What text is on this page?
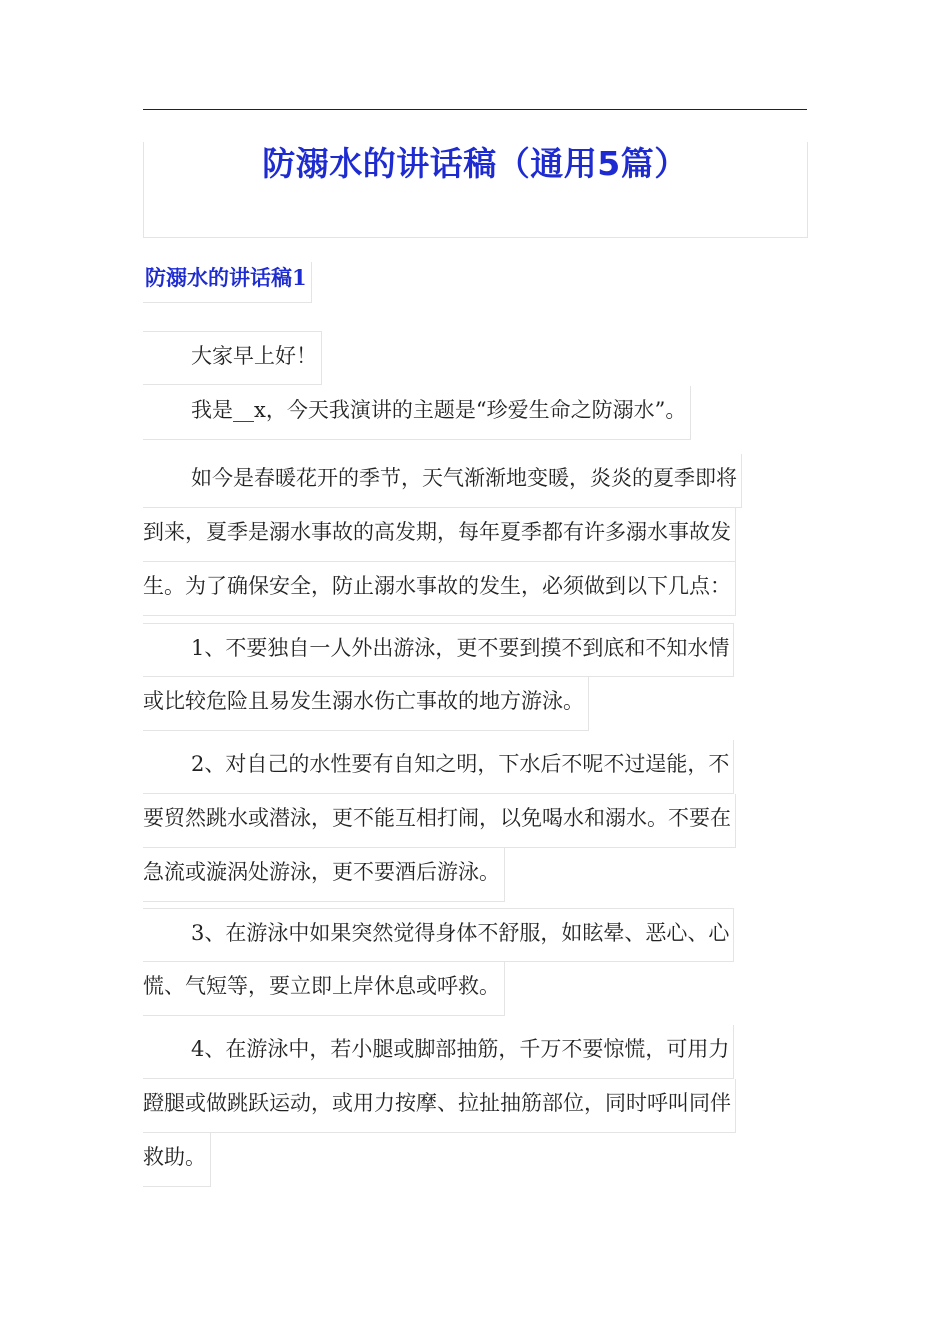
防溺水的讲话稿（通用5篇）
防溺水的讲话稿1
大家早上好！
我是__x，今天我演讲的主题是“珍爱生命之防溺水”。
如今是春暖花开的季节，天气渐渐地变暖，炎炎的夏季即将
到来，夏季是溺水事故的高发期，每年夏季都有许多溺水事故发
生。为了确保安全，防止溺水事故的发生，必须做到以下几点：
1、不要独自一人外出游泳，更不要到摸不到底和不知水情
或比较危险且易发生溺水伤亡事故的地方游泳。
2、对自己的水性要有自知之明，下水后不呢不过逞能，不
要贸然跳水或潜泳，更不能互相打闹，以免喝水和溺水。不要在
急流或漩涡处游泳，更不要酒后游泳。
3、在游泳中如果突然觉得身体不舒服，如眩晕、恶心、心
慌、气短等，要立即上岸休息或呼救。
4、在游泳中，若小腿或脚部抽筋，千万不要惊慌，可用力
蹬腿或做跳跃运动，或用力按摩、拉扯抽筋部位，同时呼叫同伴
救助。
